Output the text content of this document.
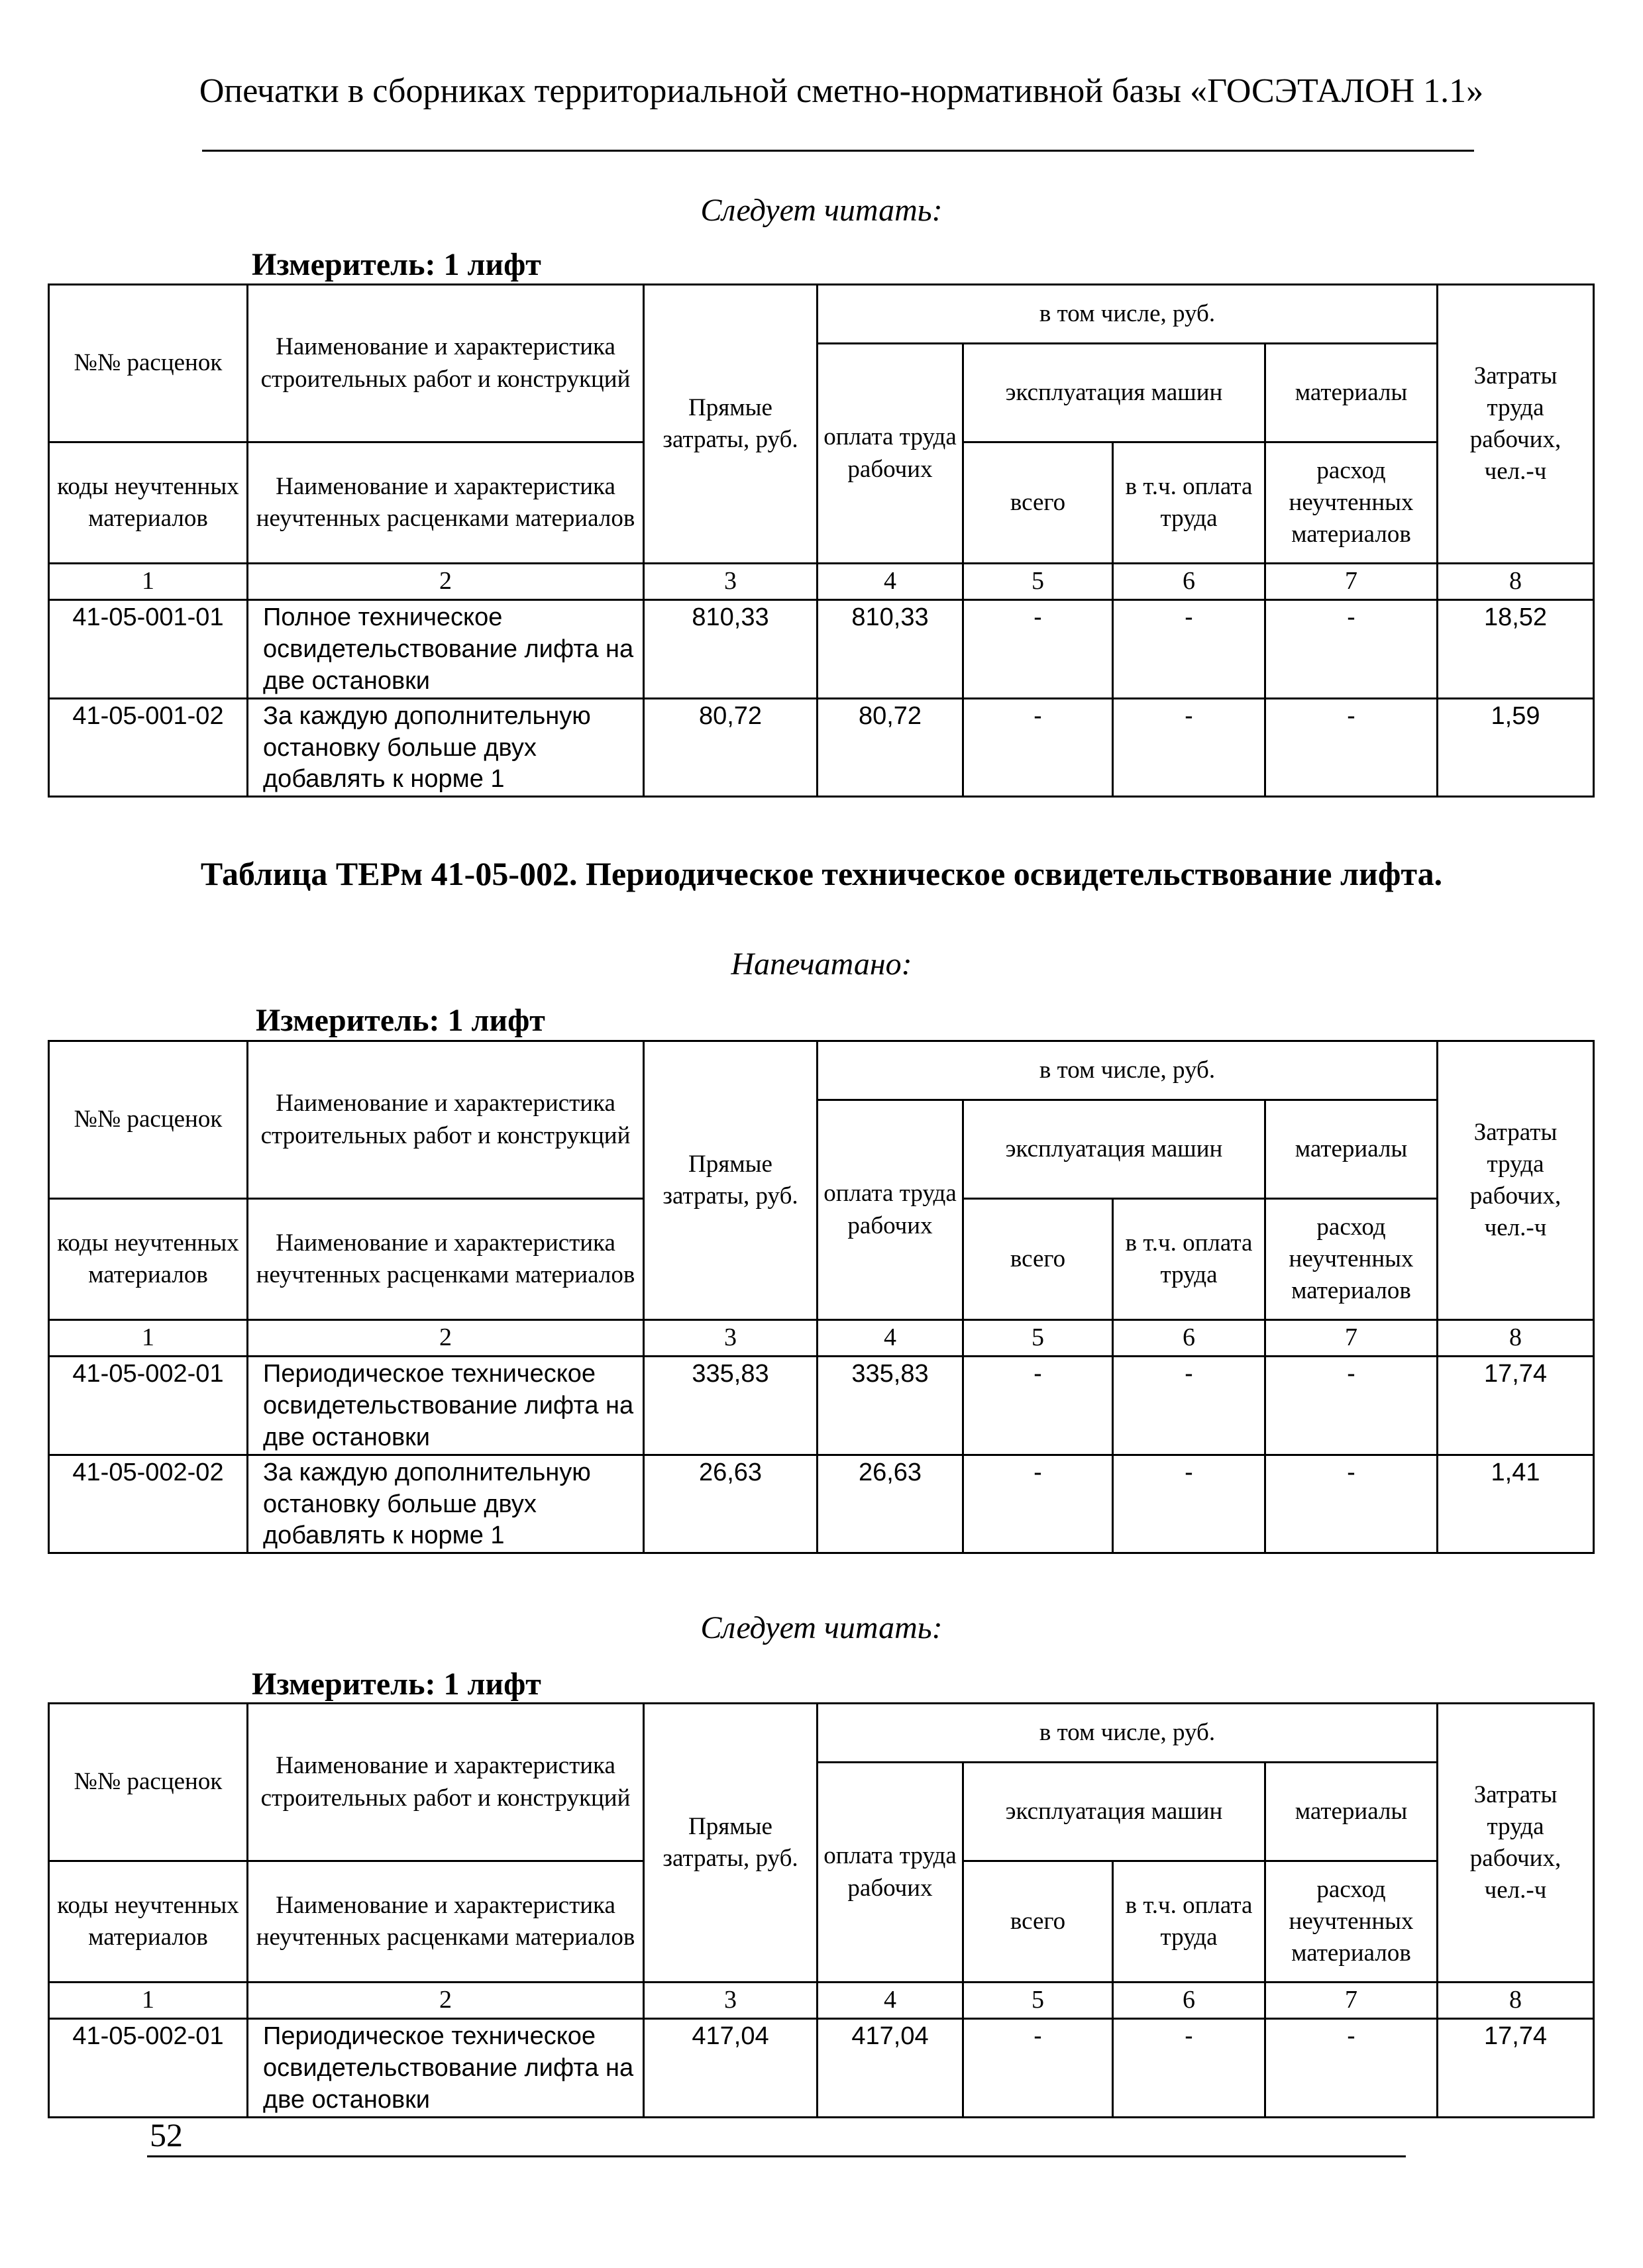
Опечатки в сборниках территориальной сметно-нормативной базы «ГОСЭТАЛОН 1.1»
Следует читать:
Измеритель: 1 лифт
№№ расценок	Наименование и характеристика строительных работ и конструкций	Прямые затраты, руб.	в том числе, руб.				Затраты труда рабочих, чел.-ч
			оплата труда рабочих	эксплуатация машин		материалы	
коды неучтенных материалов	Наименование и характеристика неучтенных расценками материалов			всего	в т.ч. оплата труда	расход неучтенных материалов	
1	2	3	4	5	6	7	8
41-05-001-01	Полное техническое освидетельствование лифта на две остановки	810,33	810,33	-	-	-	18,52
41-05-001-02	За каждую дополнительную остановку больше двух добавлять к норме 1	80,72	80,72	-	-	-	1,59
Таблица ТЕРм 41-05-002. Периодическое техническое освидетельствование лифта.
Напечатано:
Измеритель: 1 лифт
№№ расценок	Наименование и характеристика строительных работ и конструкций	Прямые затраты, руб.	в том числе, руб.				Затраты труда рабочих, чел.-ч
			оплата труда рабочих	эксплуатация машин		материалы	
коды неучтенных материалов	Наименование и характеристика неучтенных расценками материалов			всего	в т.ч. оплата труда	расход неучтенных материалов	
1	2	3	4	5	6	7	8
41-05-002-01	Периодическое техническое освидетельствование лифта на две остановки	335,83	335,83	-	-	-	17,74
41-05-002-02	За каждую дополнительную остановку больше двух добавлять к норме 1	26,63	26,63	-	-	-	1,41
Следует читать:
Измеритель: 1 лифт
№№ расценок	Наименование и характеристика строительных работ и конструкций	Прямые затраты, руб.	в том числе, руб.				Затраты труда рабочих, чел.-ч
			оплата труда рабочих	эксплуатация машин		материалы	
коды неучтенных материалов	Наименование и характеристика неучтенных расценками материалов			всего	в т.ч. оплата труда	расход неучтенных материалов	
1	2	3	4	5	6	7	8
41-05-002-01	Периодическое техническое освидетельствование лифта на две остановки	417,04	417,04	-	-	-	17,74
52
